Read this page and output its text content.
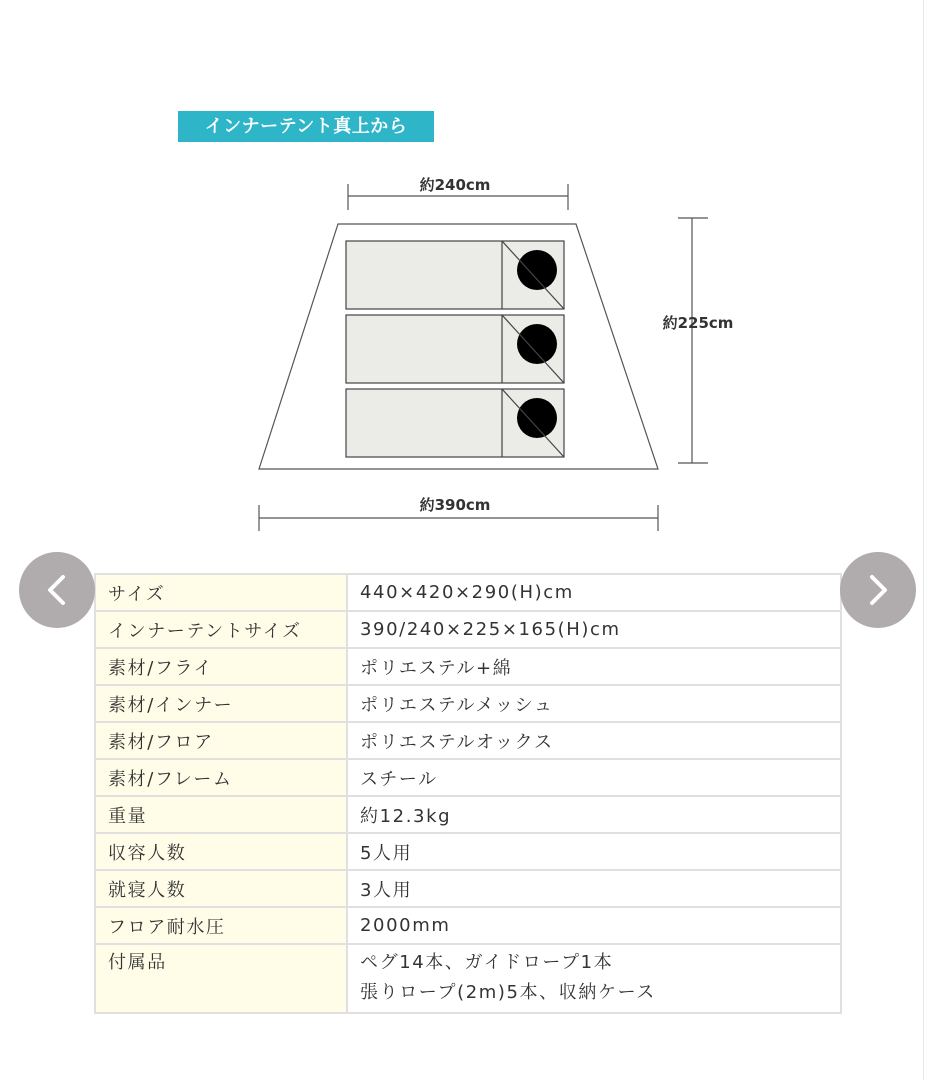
インナーテント真上から
約240cm
約225cm
約390cm
サイズ	440×420×290(H)cm
インナーテントサイズ	390/240×225×165(H)cm
素材/フライ	ポリエステル+綿
素材/インナー	ポリエステルメッシュ
素材/フロア	ポリエステルオックス
素材/フレーム	スチール
重量	約12.3kg
収容人数	5人用
就寝人数	3人用
フロア耐水圧	2000mm
付属品	ペグ14本、ガイドロープ1本
張りロープ(2m)5本、収納ケース
